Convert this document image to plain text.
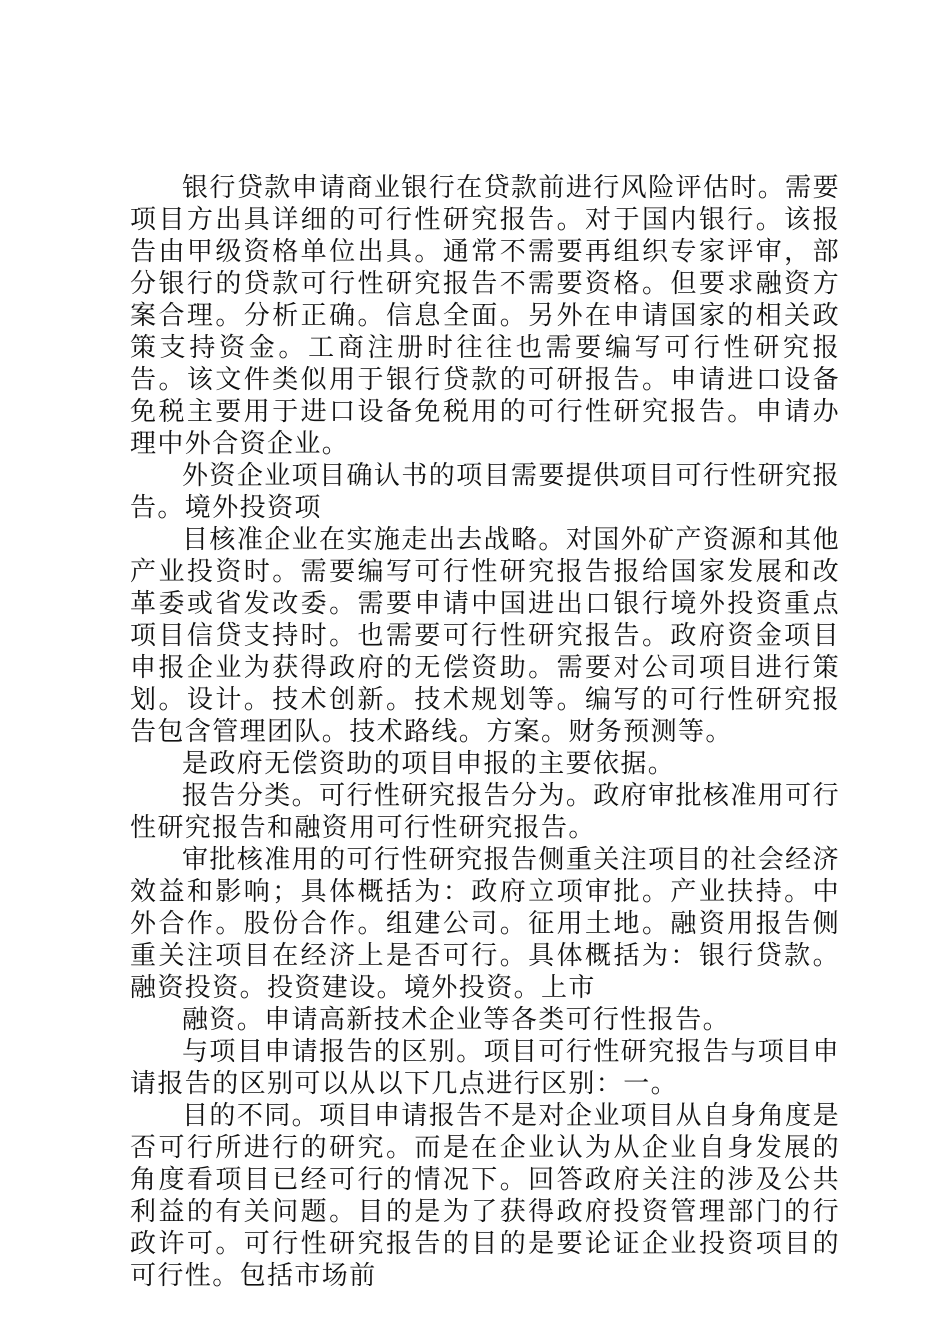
银行贷款申请商业银行在贷款前进行风险评估时。需要项目方出具详细的可行性研究报告。对于国内银行。该报告由甲级资格单位出具。通常不需要再组织专家评审，部分银行的贷款可行性研究报告不需要资格。但要求融资方案合理。分析正确。信息全面。另外在申请国家的相关政策支持资金。工商注册时往往也需要编写可行性研究报告。该文件类似用于银行贷款的可研报告。申请进口设备免税主要用于进口设备免税用的可行性研究报告。申请办理中外合资企业。

外资企业项目确认书的项目需要提供项目可行性研究报告。境外投资项

目核准企业在实施走出去战略。对国外矿产资源和其他产业投资时。需要编写可行性研究报告报给国家发展和改革委或省发改委。需要申请中国进出口银行境外投资重点项目信贷支持时。也需要可行性研究报告。政府资金项目申报企业为获得政府的无偿资助。需要对公司项目进行策划。设计。技术创新。技术规划等。编写的可行性研究报告包含管理团队。技术路线。方案。财务预测等。

是政府无偿资助的项目申报的主要依据。

报告分类。可行性研究报告分为。政府审批核准用可行性研究报告和融资用可行性研究报告。

审批核准用的可行性研究报告侧重关注项目的社会经济效益和影响；具体概括为：政府立项审批。产业扶持。中外合作。股份合作。组建公司。征用土地。融资用报告侧重关注项目在经济上是否可行。具体概括为：银行贷款。融资投资。投资建设。境外投资。上市

融资。申请高新技术企业等各类可行性报告。

与项目申请报告的区别。项目可行性研究报告与项目申请报告的区别可以从以下几点进行区别：一。

目的不同。项目申请报告不是对企业项目从自身角度是否可行所进行的研究。而是在企业认为从企业自身发展的角度看项目已经可行的情况下。回答政府关注的涉及公共利益的有关问题。目的是为了获得政府投资管理部门的行政许可。可行性研究报告的目的是要论证企业投资项目的可行性。包括市场前
